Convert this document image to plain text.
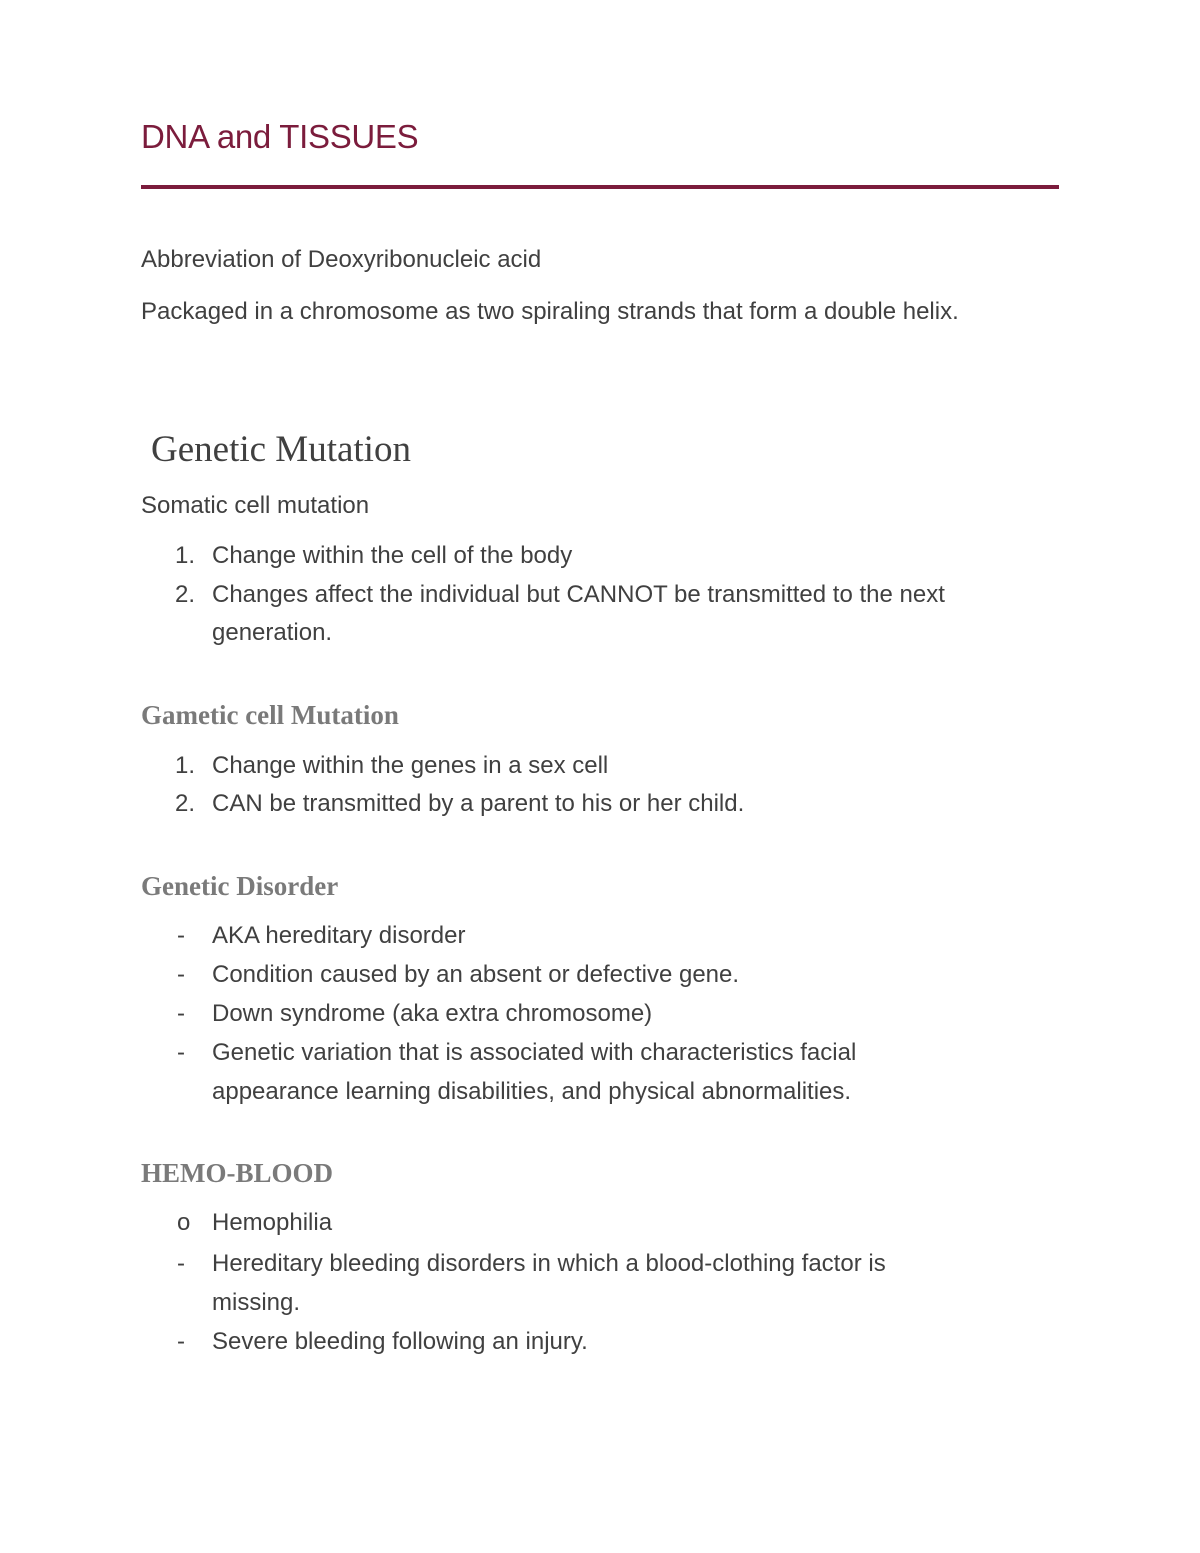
DNA and TISSUES
Abbreviation of Deoxyribonucleic acid
Packaged in a chromosome as two spiraling strands that form a double helix.
Genetic Mutation
Somatic cell mutation
1. Change within the cell of the body
2. Changes affect the individual but CANNOT be transmitted to the next
generation.
Gametic cell Mutation
1. Change within the genes in a sex cell
2. CAN be transmitted by a parent to his or her child.
Genetic Disorder
- AKA hereditary disorder
- Condition caused by an absent or defective gene.
- Down syndrome (aka extra chromosome)
- Genetic variation that is associated with characteristics facial
appearance learning disabilities, and physical abnormalities.
HEMO-BLOOD
o Hemophilia
- Hereditary bleeding disorders in which a blood-clothing factor is
missing.
- Severe bleeding following an injury.
